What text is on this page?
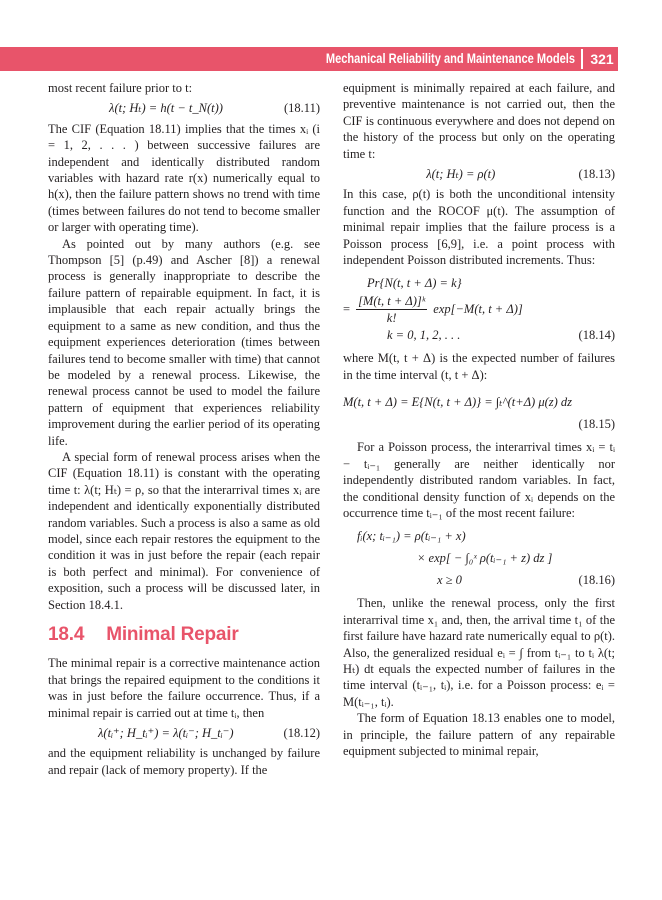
Mechanical Reliability and Maintenance Models	321

most recent failure prior to t:

λ(t; Hₜ) = h(t − t_N(t))	(18.11)

The CIF (Equation 18.11) implies that the times xᵢ (i = 1, 2, . . . ) between successive failures are independent and identically distributed random variables with hazard rate r(x) numerically equal to h(x), then the failure pattern shows no trend with time (times between failures do not tend to become smaller or larger with operating time).

As pointed out by many authors (e.g. see Thompson [5] (p.49) and Ascher [8]) a renewal process is generally inappropriate to describe the failure pattern of repairable equipment. In fact, it is implausible that each repair actually brings the equipment to a same as new condition, and thus the equipment experiences deterioration (times between failures tend to become smaller with time) that cannot be modeled by a renewal process. Likewise, the renewal process cannot be used to model the failure pattern of equipment that experiences reliability improvement during the earlier period of its operating life.

A special form of renewal process arises when the CIF (Equation 18.11) is constant with the operating time t: λ(t; Hₜ) = ρ, so that the interarrival times xᵢ are independent and identically exponentially distributed random variables. Such a process is also a same as old model, since each repair restores the equipment to the condition it was in just before the repair (each repair is both perfect and minimal). For convenience of exposition, such a process will be discussed later, in Section 18.4.1.

18.4 Minimal Repair

The minimal repair is a corrective maintenance action that brings the repaired equipment to the conditions it was in just before the failure occurrence. Thus, if a minimal repair is carried out at time tᵢ, then

λ(tᵢ⁺; H_tᵢ⁺) = λ(tᵢ⁻; H_tᵢ⁻)	(18.12)

and the equipment reliability is unchanged by failure and repair (lack of memory property). If the

equipment is minimally repaired at each failure, and preventive maintenance is not carried out, then the CIF is continuous everywhere and does not depend on the history of the process but only on the operating time t:

λ(t; Hₜ) = ρ(t)	(18.13)

In this case, ρ(t) is both the unconditional intensity function and the ROCOF μ(t). The assumption of minimal repair implies that the failure process is a Poisson process [6,9], i.e. a point process with independent Poisson distributed increments. Thus:

Pr{N(t, t + Δ) = k}
= $\frac{\text{[M(t, t + Δ)]ᵏ}}{k!} \exp[-M(t$, t + Δ)]
k = 0, 1, 2, . . .	(18.14)

where M(t, t + Δ) is the expected number of failures in the time interval (t, t + Δ):

M(t, t + Δ) = E{N(t, t + Δ)} = ∫ₜ^(t+Δ) μ(z) dz
(18.15)

For a Poisson process, the interarrival times xᵢ = tᵢ − tᵢ₋₁ generally are neither identically nor independently distributed random variables. In fact, the conditional density function of xᵢ depends on the occurrence time tᵢ₋₁ of the most recent failure:

fᵢ(x; tᵢ₋₁) = ρ(tᵢ₋₁ + x)
× exp[ − ∫₀ˣ ρ(tᵢ₋₁ + z) dz ]
x ≥ 0	(18.16)

Then, unlike the renewal process, only the first interarrival time x₁ and, then, the arrival time t₁ of the first failure have hazard rate numerically equal to ρ(t). Also, the generalized residual eᵢ = ∫ from tᵢ₋₁ to tᵢ λ(t; Hₜ) dt equals the expected number of failures in the time interval (tᵢ₋₁, tᵢ), i.e. for a Poisson process: eᵢ = M(tᵢ₋₁, tᵢ).

The form of Equation 18.13 enables one to model, in principle, the failure pattern of any repairable equipment subjected to minimal repair,
